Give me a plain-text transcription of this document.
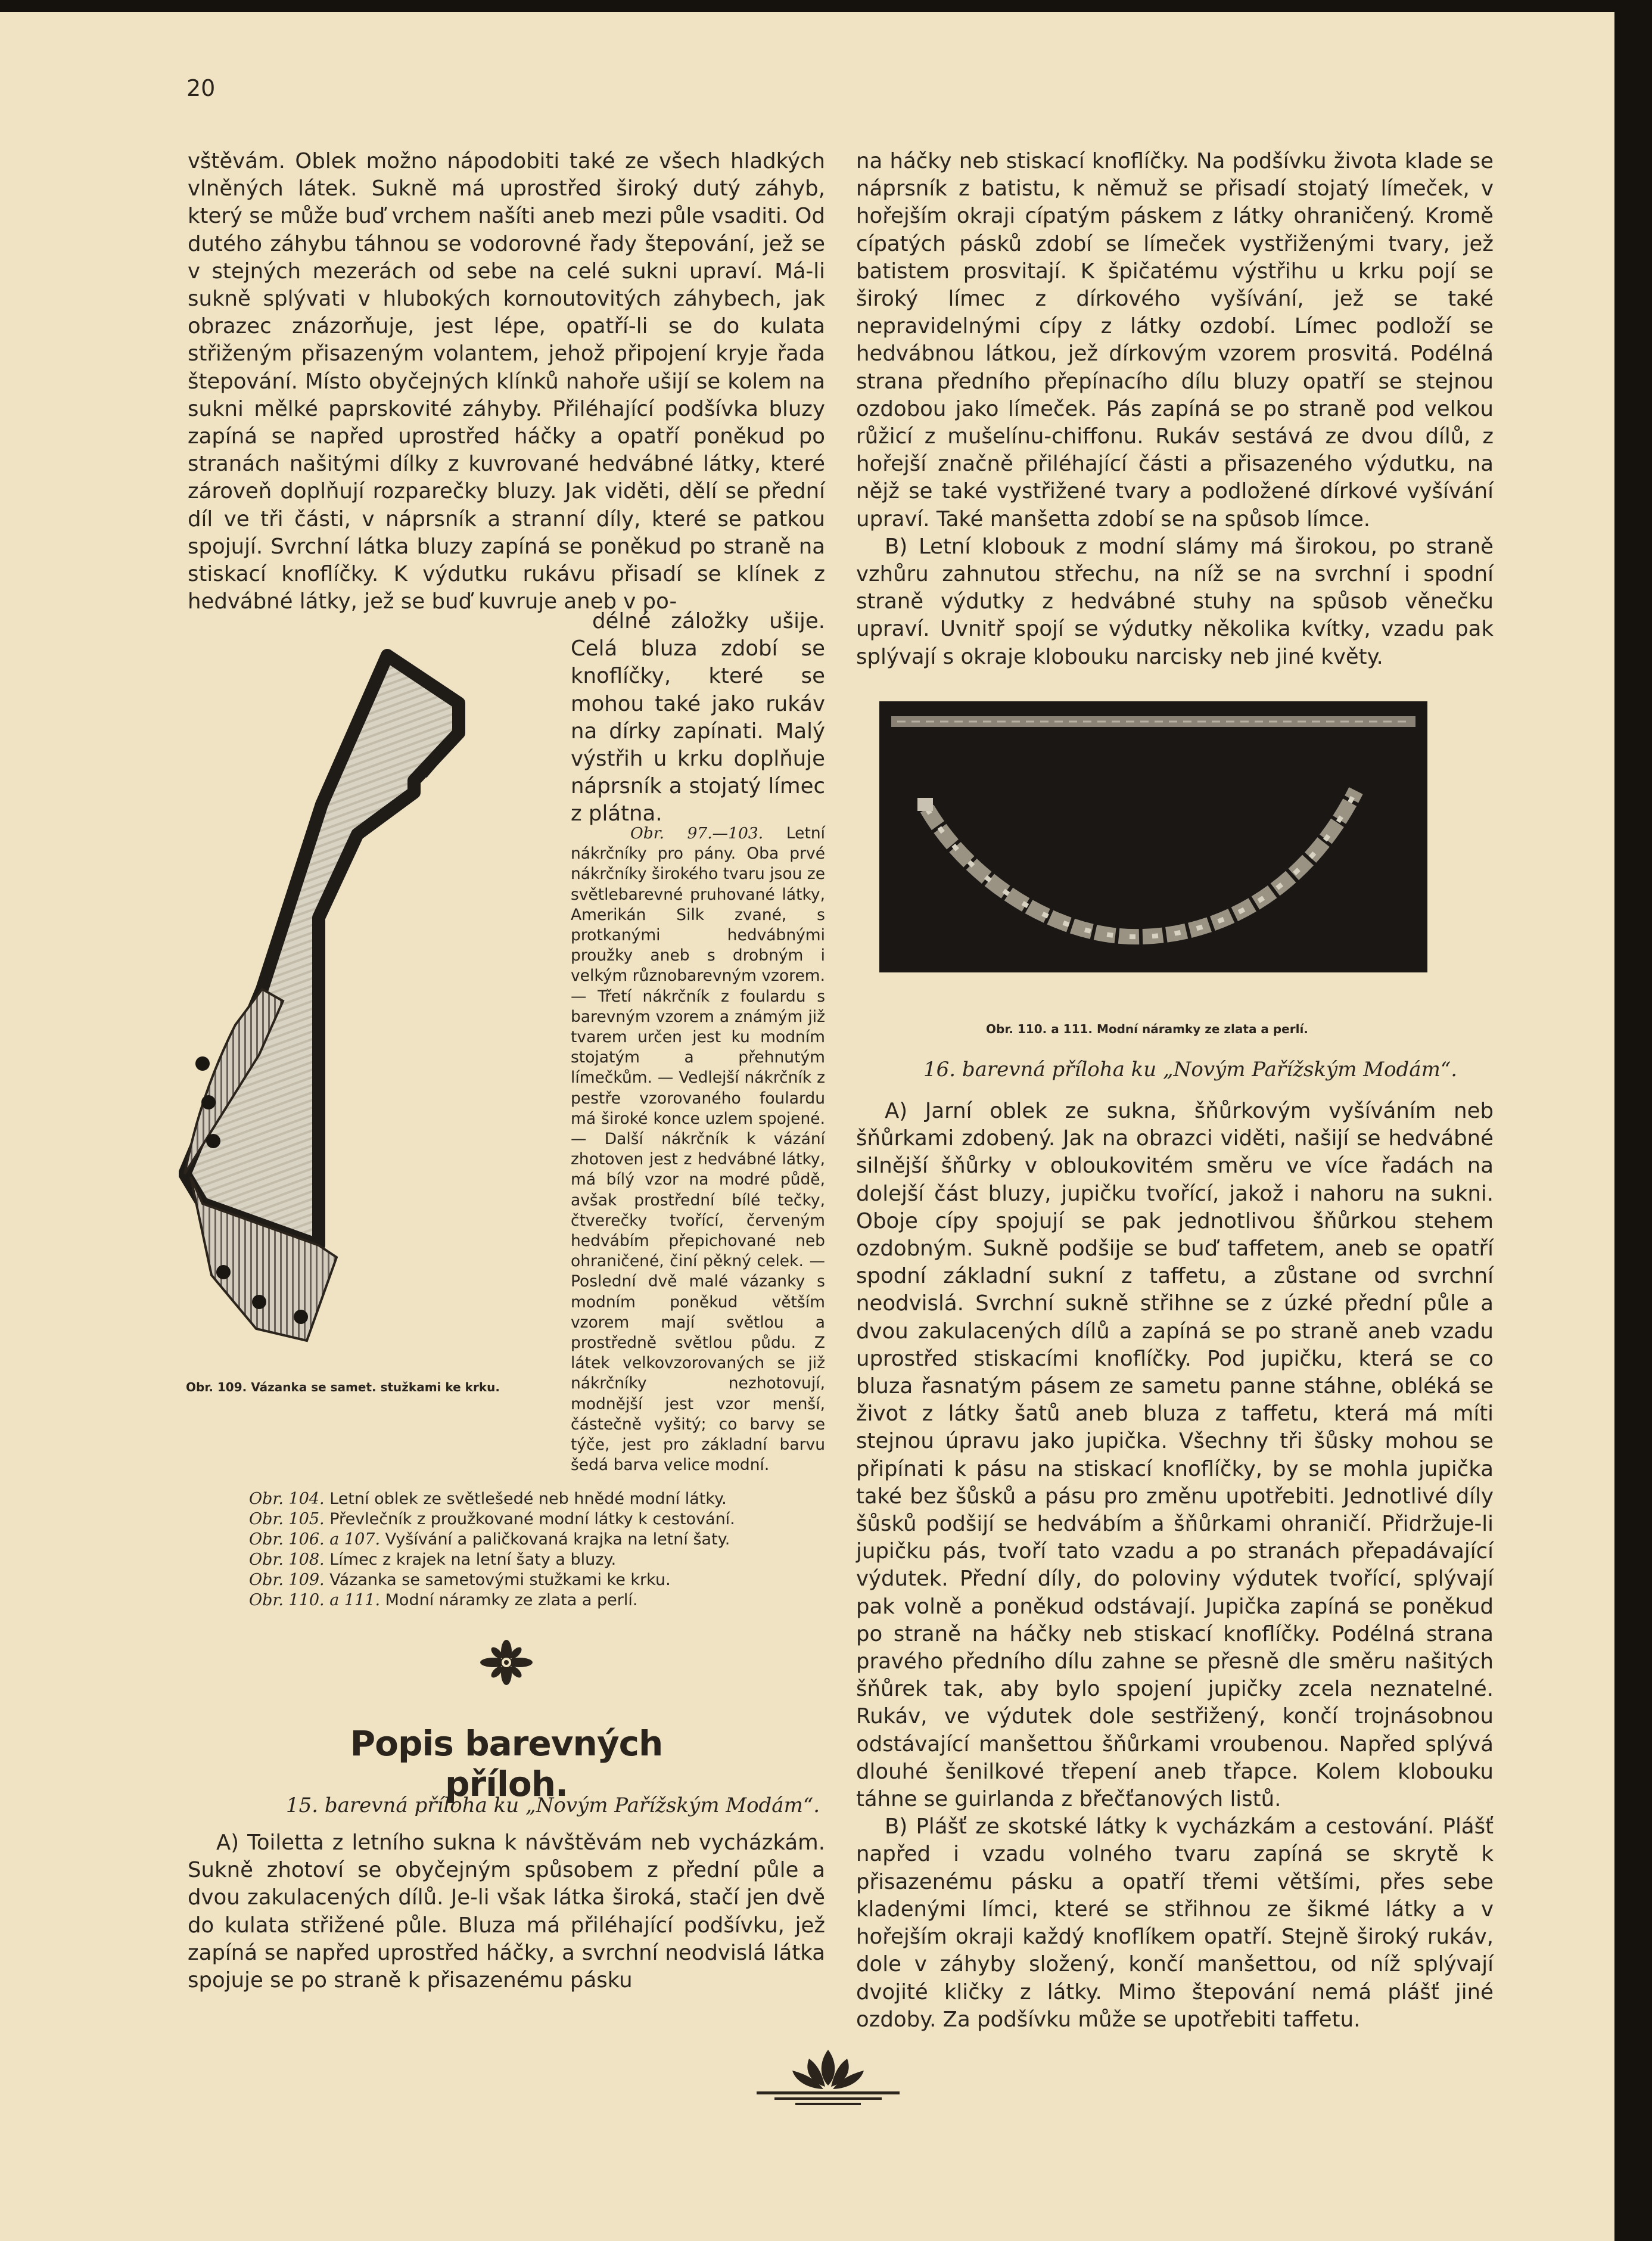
20

vštěvám. Oblek možno nápodobiti také ze všech hladkých vlněných látek. Sukně má uprostřed široký dutý záhyb, který se může buď vrchem našíti aneb mezi půle vsaditi. Od dutého záhybu táhnou se vodorovné řady štepování, jež se v stejných mezerách od sebe na celé sukni upraví. Má-li sukně splývati v hlubokých kornoutovitých záhybech, jak obrazec znázorňuje, jest lépe, opatří-li se do kulata střiženým přisazeným volantem, jehož připojení kryje řada štepování. Místo obyčejných klínků nahoře ušijí se kolem na sukni mělké paprskovité záhyby. Přiléhající podšívka bluzy zapíná se napřed uprostřed háčky a opatří poněkud po stranách našitými dílky z kuvrované hedvábné látky, které zároveň doplňují rozparečky bluzy. Jak viděti, dělí se přední díl ve tři části, v náprsník a stranní díly, které se patkou spojují. Svrchní látka bluzy zapíná se poněkud po straně na stiskací knoflíčky. K výdutku rukávu přisadí se klínek z hedvábné látky, jež se buď kuvruje aneb v po-

délné záložky ušije. Celá bluza zdobí se knoflíčky, které se mohou také jako rukáv na dírky zapínati. Malý výstřih u krku doplňuje náprsník a stojatý límec z plátna.

Obr. 109. Vázanka se samet. stužkami ke krku.

Obr. 97.—103. Letní nákrčníky pro pány. Oba prvé nákrčníky širokého tvaru jsou ze světlebarevné pruhované látky, Amerikán Silk zvané, s protkanými hedvábnými proužky aneb s drobným i velkým různobarevným vzorem. — Třetí nákrčník z foulardu s barevným vzorem a známým již tvarem určen jest ku modním stojatým a přehnutým límečkům. — Vedlejší nákrčník z pestře vzorovaného foulardu má široké konce uzlem spojené. — Další nákrčník k vázání zhotoven jest z hedvábné látky, má bílý vzor na modré půdě, avšak prostřední bílé tečky, čtverečky tvořící, červeným hedvábím přepichované neb ohraničené, činí pěkný celek. — Poslední dvě malé vázanky s modním poněkud větším vzorem mají světlou a prostředně světlou půdu. Z látek velkovzorovaných se již nákrčníky nezhotovují, modnější jest vzor menší, částečně vyšitý; co barvy se týče, jest pro základní barvu šedá barva velice modní.

Obr. 104. Letní oblek ze světlešedé neb hnědé modní látky.
Obr. 105. Převlečník z proužkované modní látky k cestování.
Obr. 106. a 107. Vyšívání a paličkovaná krajka na letní šaty.
Obr. 108. Límec z krajek na letní šaty a bluzy.
Obr. 109. Vázanka se sametovými stužkami ke krku.
Obr. 110. a 111. Modní náramky ze zlata a perlí.
Popis barevných příloh.
15. barevná příloha ku „Novým Pařížským Modám“.

A) Toiletta z letního sukna k návštěvám neb vycházkám. Sukně zhotoví se obyčejným spůsobem z přední půle a dvou zakulacených dílů. Je-li však látka široká, stačí jen dvě do kulata střižené půle. Bluza má přiléhající podšívku, jež zapíná se napřed uprostřed háčky, a svrchní neodvislá látka spojuje se po straně k přisazenému pásku

na háčky neb stiskací knoflíčky. Na podšívku života klade se náprsník z batistu, k němuž se přisadí stojatý límeček, v hořejším okraji cípatým páskem z látky ohraničený. Kromě cípatých pásků zdobí se límeček vystřiženými tvary, jež batistem prosvitají. K špičatému výstřihu u krku pojí se široký límec z dírkového vyšívání, jež se také nepravidelnými cípy z látky ozdobí. Límec podloží se hedvábnou látkou, jež dírkovým vzorem prosvitá. Podélná strana předního přepínacího dílu bluzy opatří se stejnou ozdobou jako límeček. Pás zapíná se po straně pod velkou růžicí z mušelínu-chiffonu. Rukáv sestává ze dvou dílů, z hořejší značně přiléhající části a přisazeného výdutku, na nějž se také vystřižené tvary a podložené dírkové vyšívání upraví. Také manšetta zdobí se na spůsob límce.

B) Letní klobouk z modní slámy má širokou, po straně vzhůru zahnutou střechu, na níž se na svrchní i spodní straně výdutky z hedvábné stuhy na spůsob věnečku upraví. Uvnitř spojí se výdutky několika kvítky, vzadu pak splývají s okraje klobouku narcisky neb jiné květy.

Obr. 110. a 111. Modní náramky ze zlata a perlí.
16. barevná příloha ku „Novým Pařížským Modám“.

A) Jarní oblek ze sukna, šňůrkovým vyšíváním neb šňůrkami zdobený. Jak na obrazci viděti, našijí se hedvábné silnější šňůrky v obloukovitém směru ve více řadách na dolejší část bluzy, jupičku tvořící, jakož i nahoru na sukni. Oboje cípy spojují se pak jednotlivou šňůrkou stehem ozdobným. Sukně podšije se buď taffetem, aneb se opatří spodní základní sukní z taffetu, a zůstane od svrchní neodvislá. Svrchní sukně střihne se z úzké přední půle a dvou zakulacených dílů a zapíná se po straně aneb vzadu uprostřed stiskacími knoflíčky. Pod jupičku, která se co bluza řasnatým pásem ze sametu panne stáhne, obléká se život z látky šatů aneb bluza z taffetu, která má míti stejnou úpravu jako jupička. Všechny tři šůsky mohou se připínati k pásu na stiskací knoflíčky, by se mohla jupička také bez šůsků a pásu pro změnu upotřebiti. Jednotlivé díly šůsků podšijí se hedvábím a šňůrkami ohraničí. Přidržuje-li jupičku pás, tvoří tato vzadu a po stranách přepadávající výdutek. Přední díly, do poloviny výdutek tvořící, splývají pak volně a poněkud odstávají. Jupička zapíná se poněkud po straně na háčky neb stiskací knoflíčky. Podélná strana pravého předního dílu zahne se přesně dle směru našitých šňůrek tak, aby bylo spojení jupičky zcela neznatelné. Rukáv, ve výdutek dole sestřižený, končí trojnásobnou odstávající manšettou šňůrkami vroubenou. Napřed splývá dlouhé šenilkové třepení aneb třapce. Kolem klobouku táhne se guirlanda z břečťanových listů.

B) Plášť ze skotské látky k vycházkám a cestování. Plášť napřed i vzadu volného tvaru zapíná se skrytě k přisazenému pásku a opatří třemi většími, přes sebe kladenými límci, které se střihnou ze šikmé látky a v hořejším okraji každý knoflíkem opatří. Stejně široký rukáv, dole v záhyby složený, končí manšettou, od níž splývají dvojité kličky z látky. Mimo štepování nemá plášť jiné ozdoby. Za podšívku může se upotřebiti taffetu.
